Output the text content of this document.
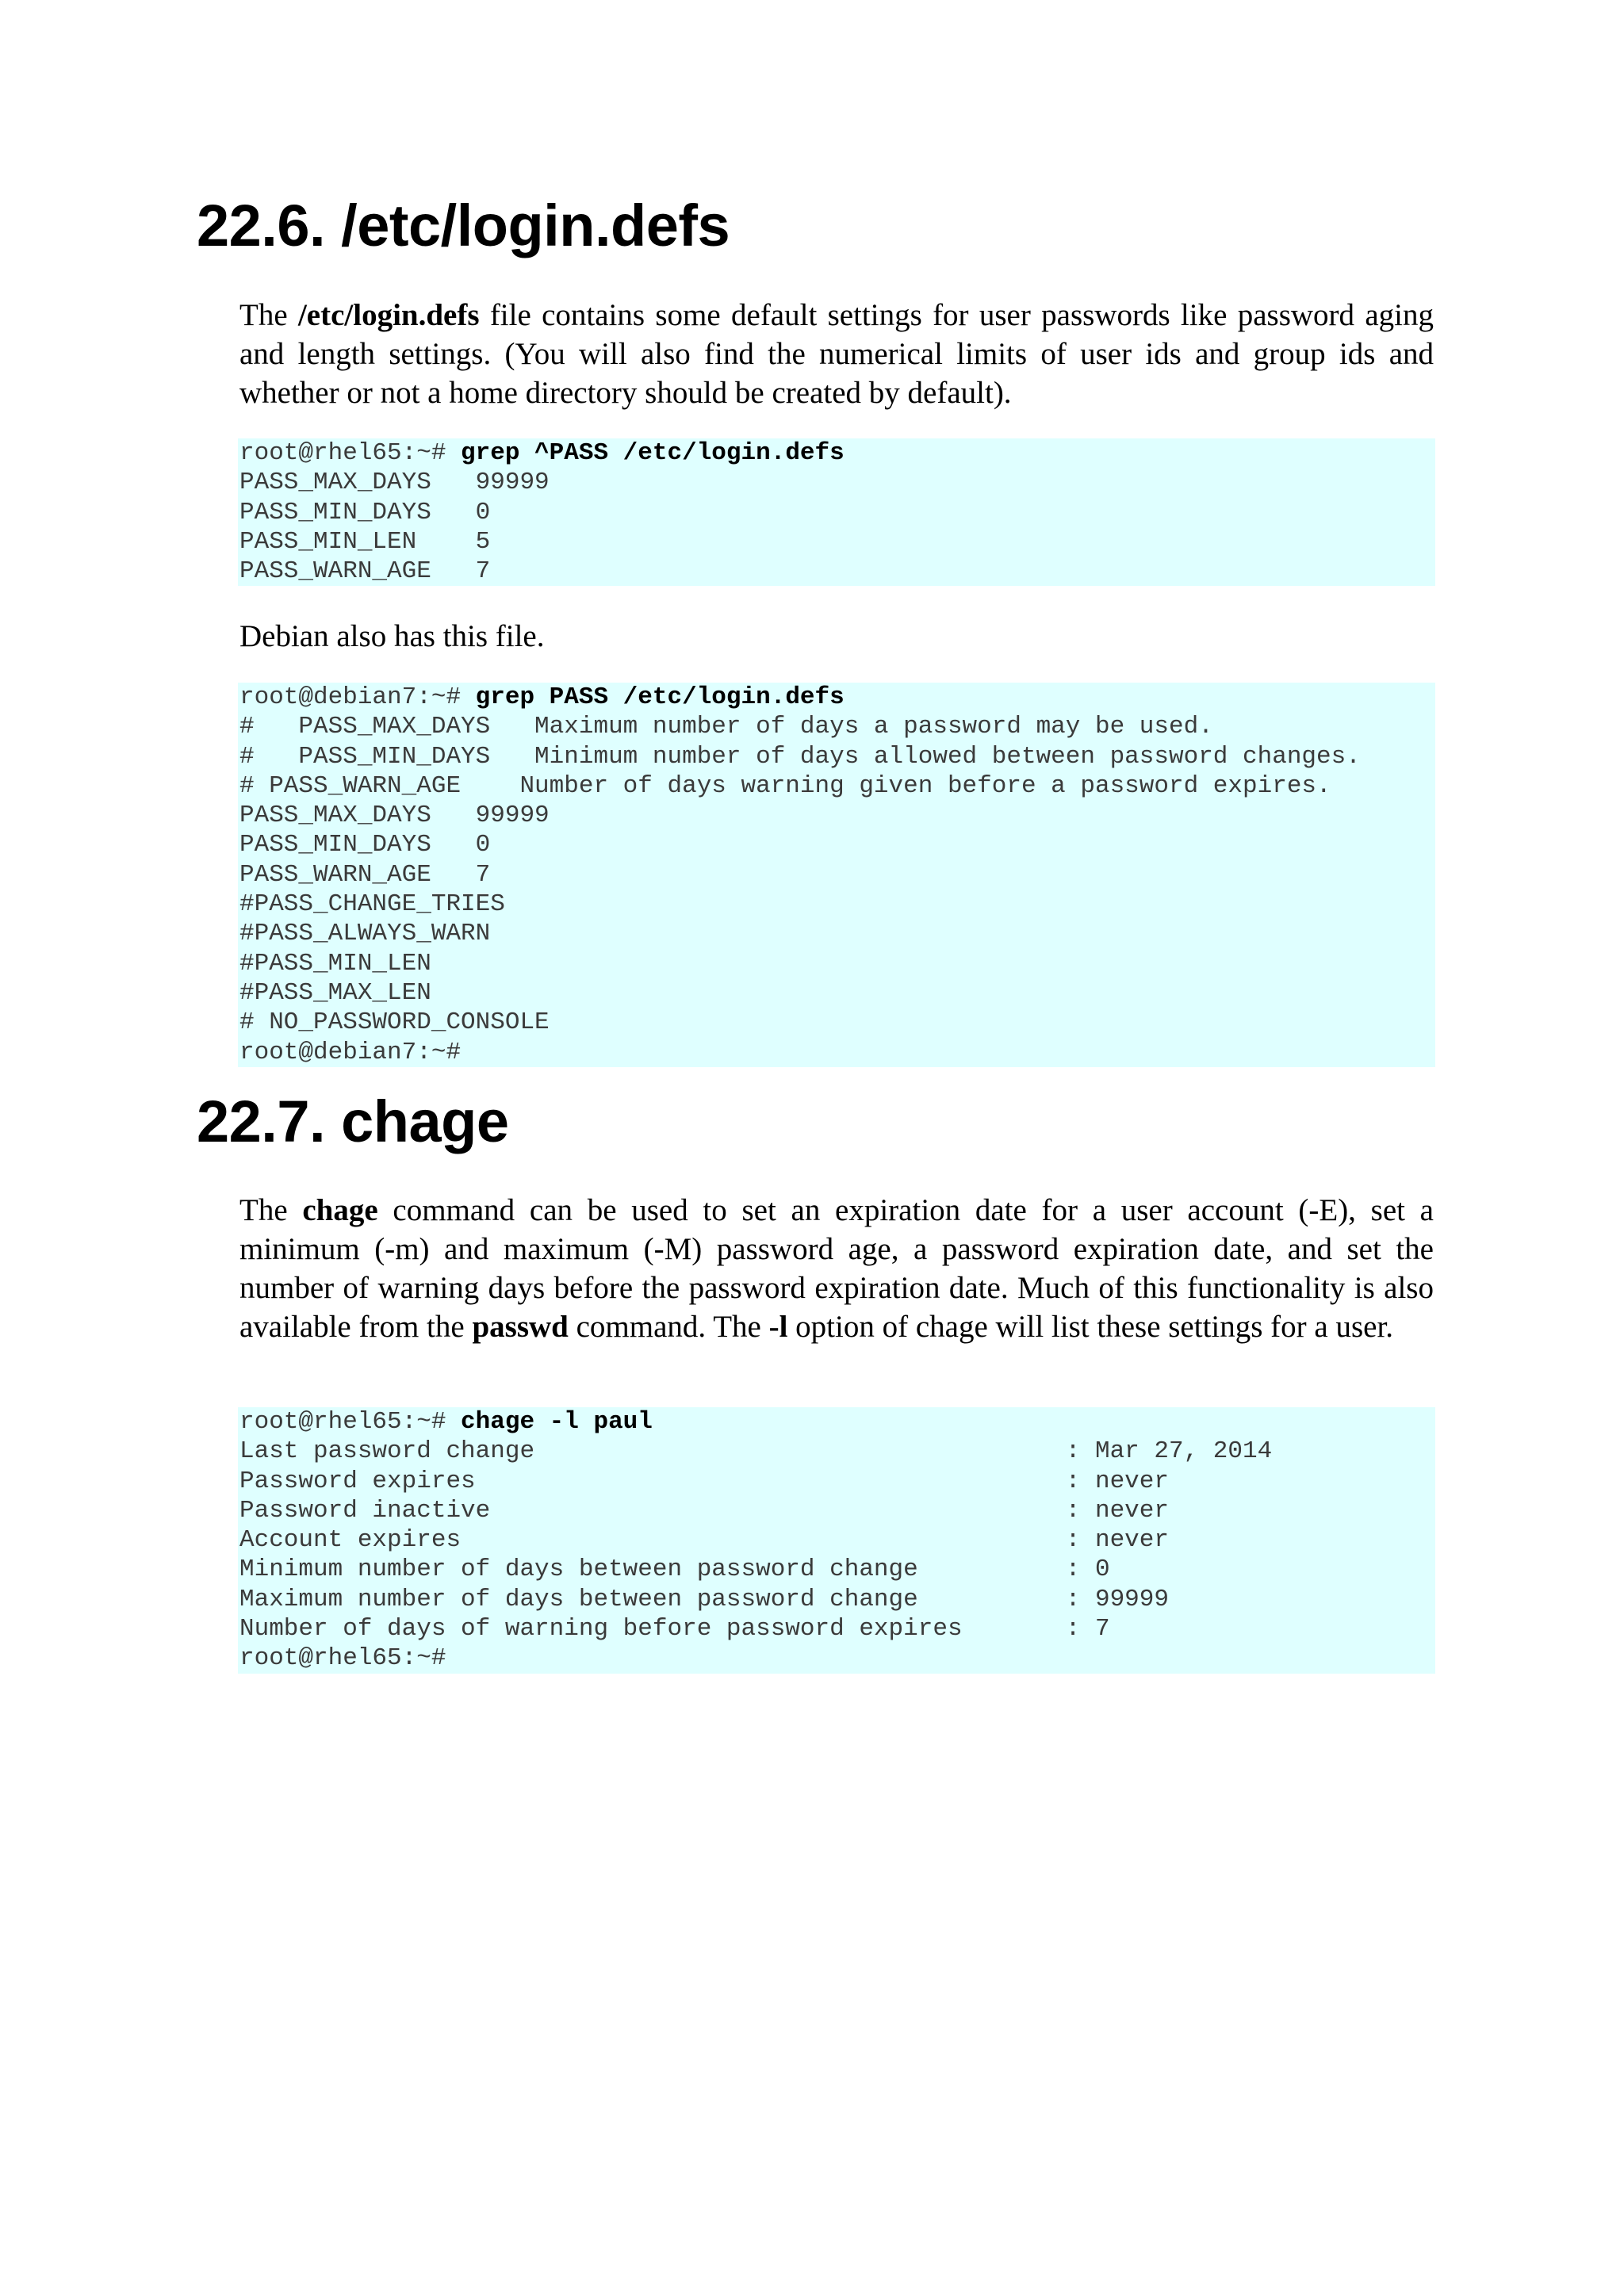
22.6. /etc/login.defs

The /etc/login.defs file contains some default settings for user passwords like password aging and length settings. (You will also find the numerical limits of user ids and group ids and whether or not a home directory should be created by default).

root@rhel65:~# grep ^PASS /etc/login.defs
PASS_MAX_DAYS   99999
PASS_MIN_DAYS   0
PASS_MIN_LEN    5
PASS_WARN_AGE   7

Debian also has this file.

root@debian7:~# grep PASS /etc/login.defs
#   PASS_MAX_DAYS   Maximum number of days a password may be used.
#   PASS_MIN_DAYS   Minimum number of days allowed between password changes.
# PASS_WARN_AGE    Number of days warning given before a password expires.
PASS_MAX_DAYS   99999
PASS_MIN_DAYS   0
PASS_WARN_AGE   7
#PASS_CHANGE_TRIES
#PASS_ALWAYS_WARN
#PASS_MIN_LEN
#PASS_MAX_LEN
# NO_PASSWORD_CONSOLE
root@debian7:~#
22.7. chage

The chage command can be used to set an expiration date for a user account (-E), set a minimum (-m) and maximum (-M) password age, a password expiration date, and set the number of warning days before the password expiration date. Much of this functionality is also available from the passwd command. The -l option of chage will list these settings for a user.

root@rhel65:~# chage -l paul
Last password change                                    : Mar 27, 2014
Password expires                                        : never
Password inactive                                       : never
Account expires                                         : never
Minimum number of days between password change          : 0
Maximum number of days between password change          : 99999
Number of days of warning before password expires       : 7
root@rhel65:~#
